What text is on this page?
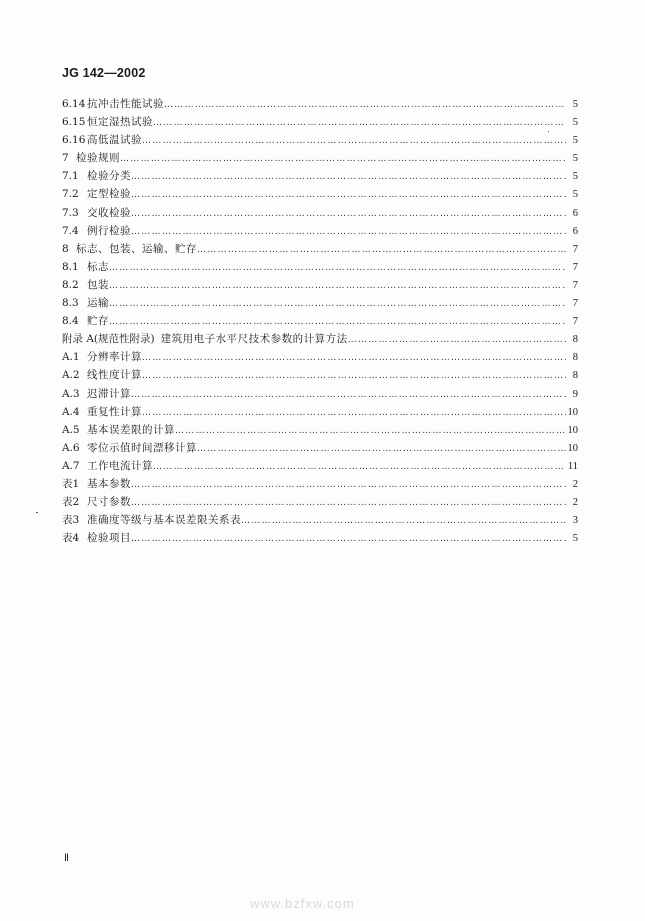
JG 142—2002
6.14 抗冲击性能试验 ……………………………………………………………………………………………………………………………………………………………………	5
6.15 恒定湿热试验 ……………………………………………………………………………………………………………………………………………………………………	5
6.16 高低温试验 ……………………………………………………………………………………………………………………………………………………………………	5
7 检验规则 ……………………………………………………………………………………………………………………………………………………………………	5
7.1 检验分类 ……………………………………………………………………………………………………………………………………………………………………	5
7.2 定型检验 ……………………………………………………………………………………………………………………………………………………………………	5
7.3 交收检验 ……………………………………………………………………………………………………………………………………………………………………	6
7.4 例行检验 ……………………………………………………………………………………………………………………………………………………………………	6
8 标志、包装、运输、贮存 ……………………………………………………………………………………………………………………………………………………………………	7
8.1 标志 ……………………………………………………………………………………………………………………………………………………………………	7
8.2 包装 ……………………………………………………………………………………………………………………………………………………………………	7
8.3 运输 ……………………………………………………………………………………………………………………………………………………………………	7
8.4 贮存 ……………………………………………………………………………………………………………………………………………………………………	7
附录 A(规范性附录) 建筑用电子水平尺技术参数的计算方法 ……………………………………………………………………………………………………………………………………………………………………	8
A.1 分辨率计算 ……………………………………………………………………………………………………………………………………………………………………	8
A.2 线性度计算 ……………………………………………………………………………………………………………………………………………………………………	8
A.3 迟滞计算 ……………………………………………………………………………………………………………………………………………………………………	9
A.4 重复性计算 ……………………………………………………………………………………………………………………………………………………………………	10
A.5 基本误差限的计算 ……………………………………………………………………………………………………………………………………………………………………	10
A.6 零位示值时间漂移计算 ……………………………………………………………………………………………………………………………………………………………………	10
A.7 工作电流计算 ……………………………………………………………………………………………………………………………………………………………………	11
表1 基本参数 ……………………………………………………………………………………………………………………………………………………………………	2
表2 尺寸参数 ……………………………………………………………………………………………………………………………………………………………………	2
表3 准确度等级与基本误差限关系表 ……………………………………………………………………………………………………………………………………………………………………	3
表4 检验项目 ……………………………………………………………………………………………………………………………………………………………………	5
Ⅱ
www.bzfxw.com
